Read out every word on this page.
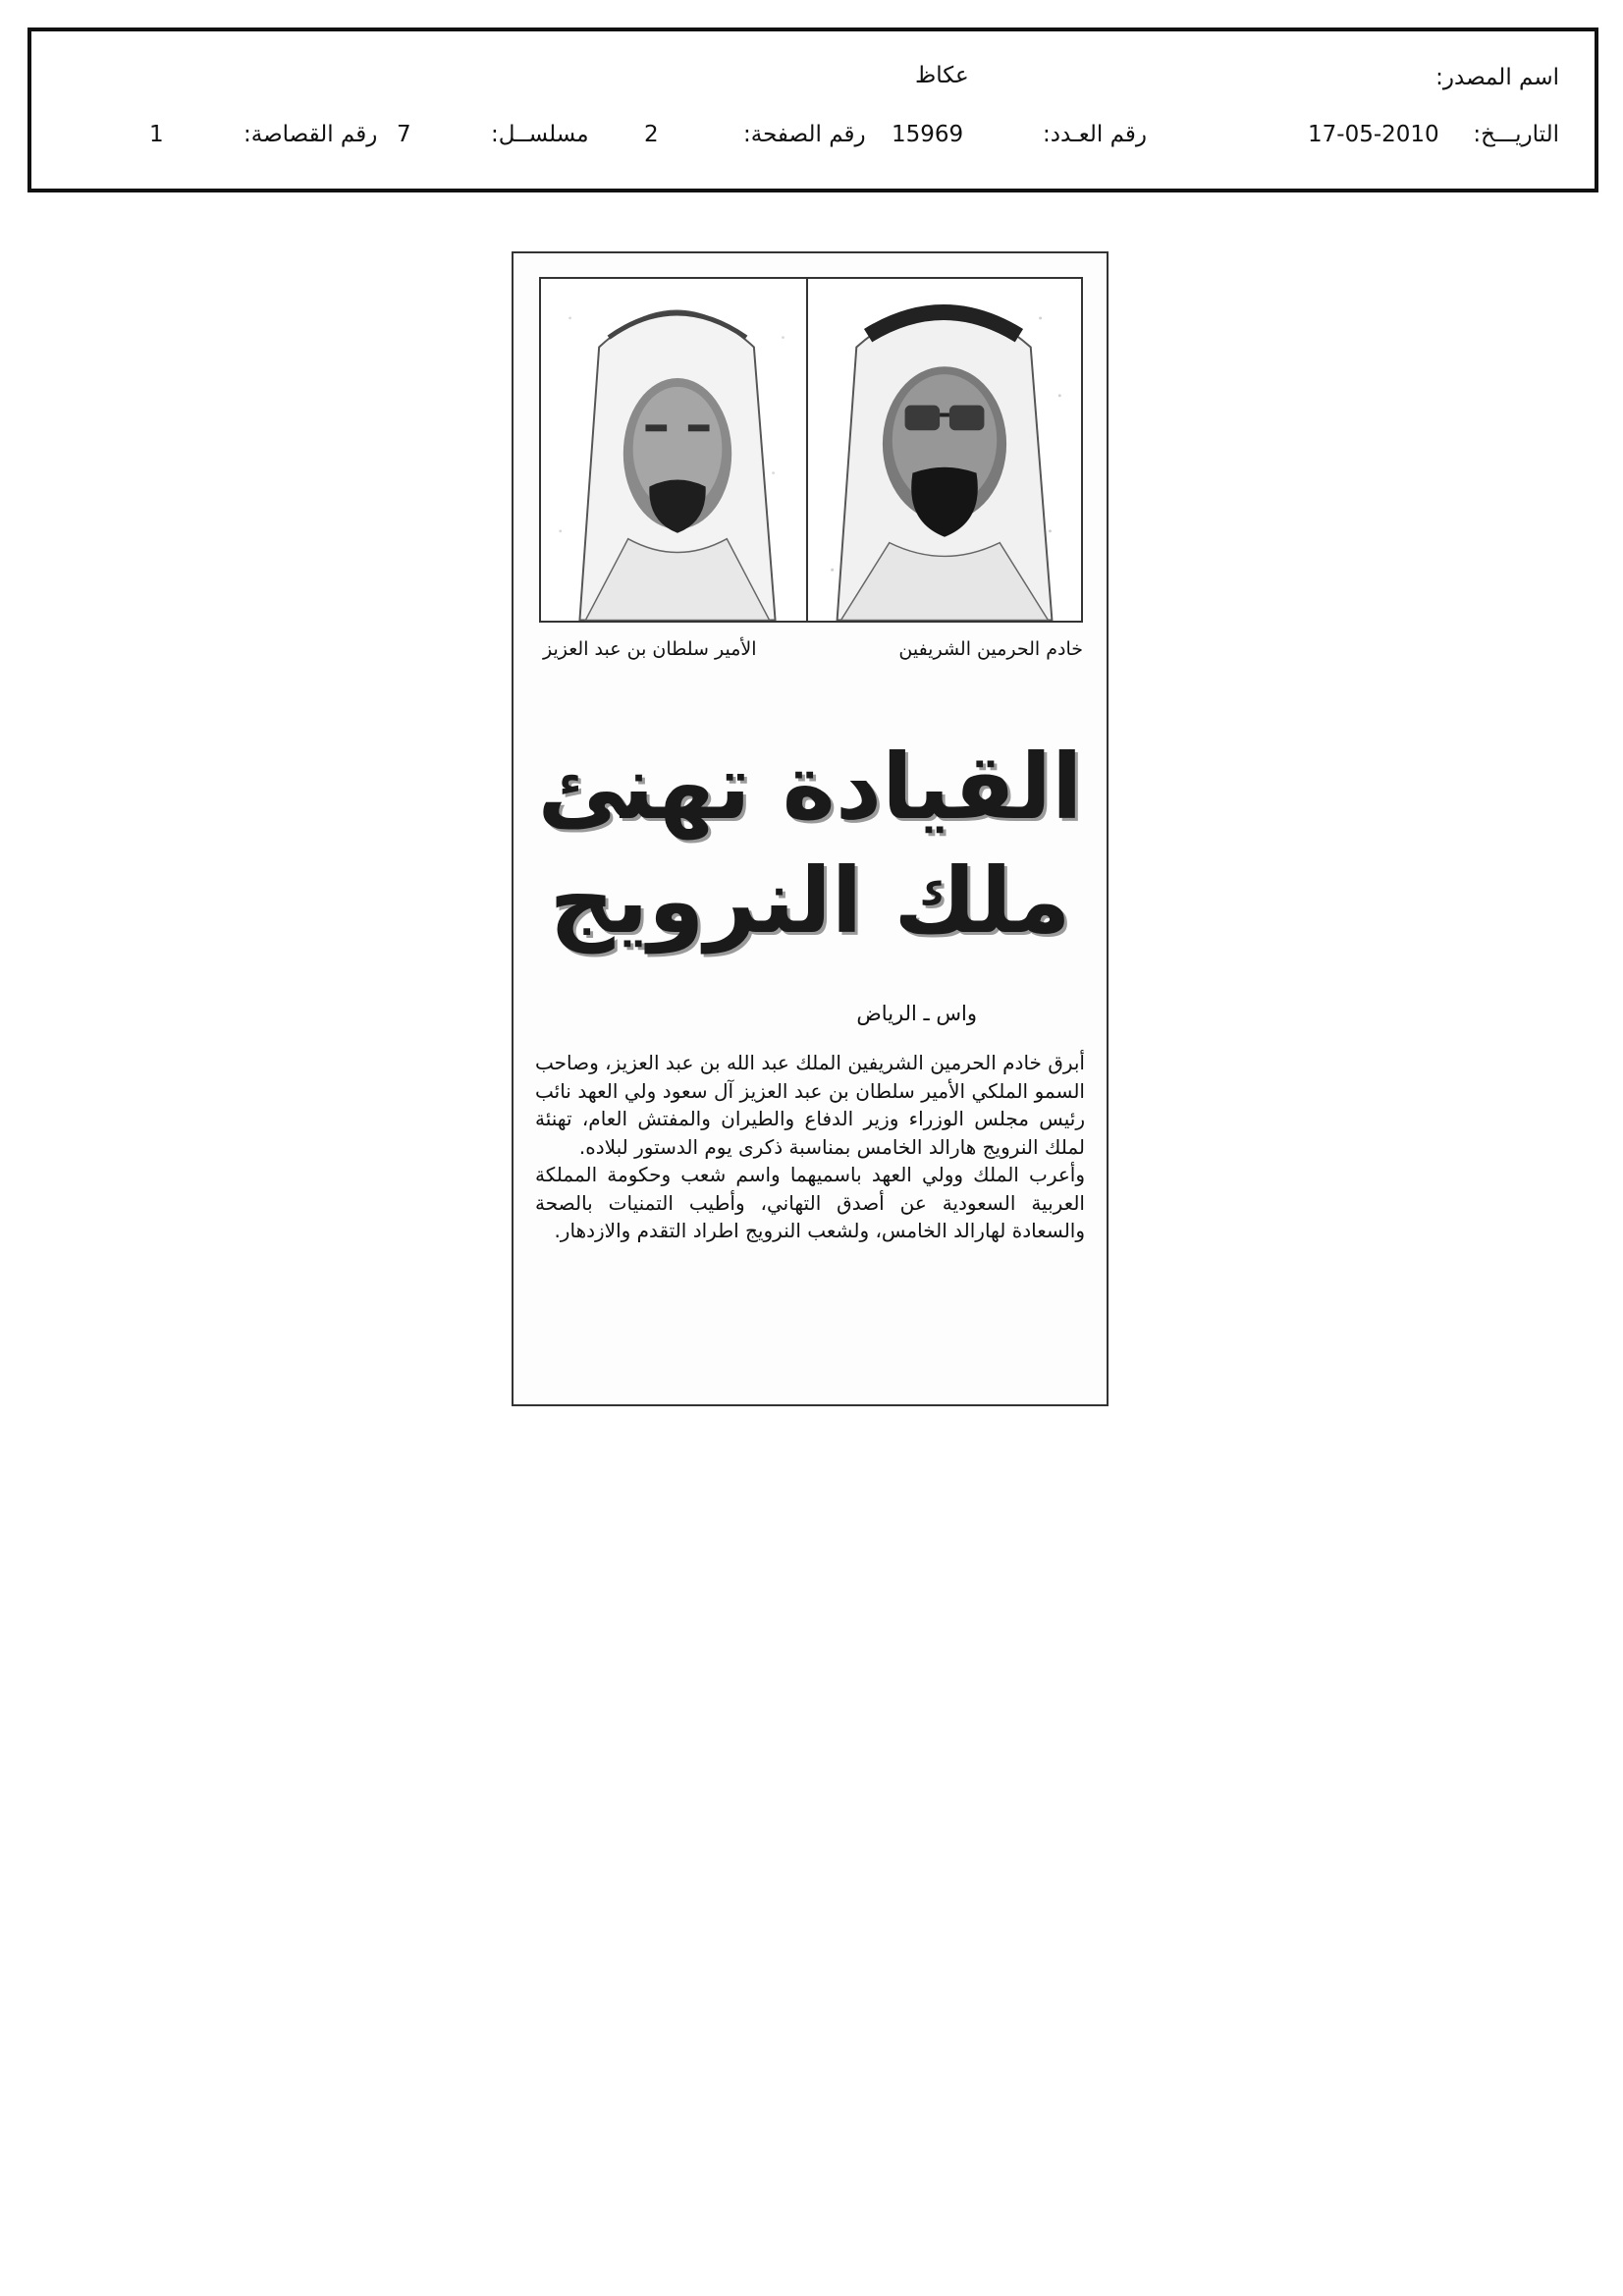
اسم المصدر:
عكاظ
التاريـــخ:
17-05-2010
رقم العـدد:
15969
رقم الصفحة:
2
مسلســل:
7
رقم القصاصة:
1
خادم الحرمين الشريفين
الأمير سلطان بن عبد العزيز
القيادة تهنئ
ملك النرويج
واس ـ الرياض

أبرق خادم الحرمين الشريفين الملك عبد الله بن عبد العزيز، وصاحب السمو الملكي الأمير سلطان بن عبد العزيز آل سعود ولي العهد نائب رئيس مجلس الوزراء وزير الدفاع والطيران والمفتش العام، تهنئة لملك النرويج هارالد الخامس بمناسبة ذكرى يوم الدستور لبلاده.

وأعرب الملك وولي العهد باسميهما واسم شعب وحكومة المملكة العربية السعودية عن أصدق التهاني، وأطيب التمنيات بالصحة والسعادة لهارالد الخامس، ولشعب النرويج اطراد التقدم والازدهار.
